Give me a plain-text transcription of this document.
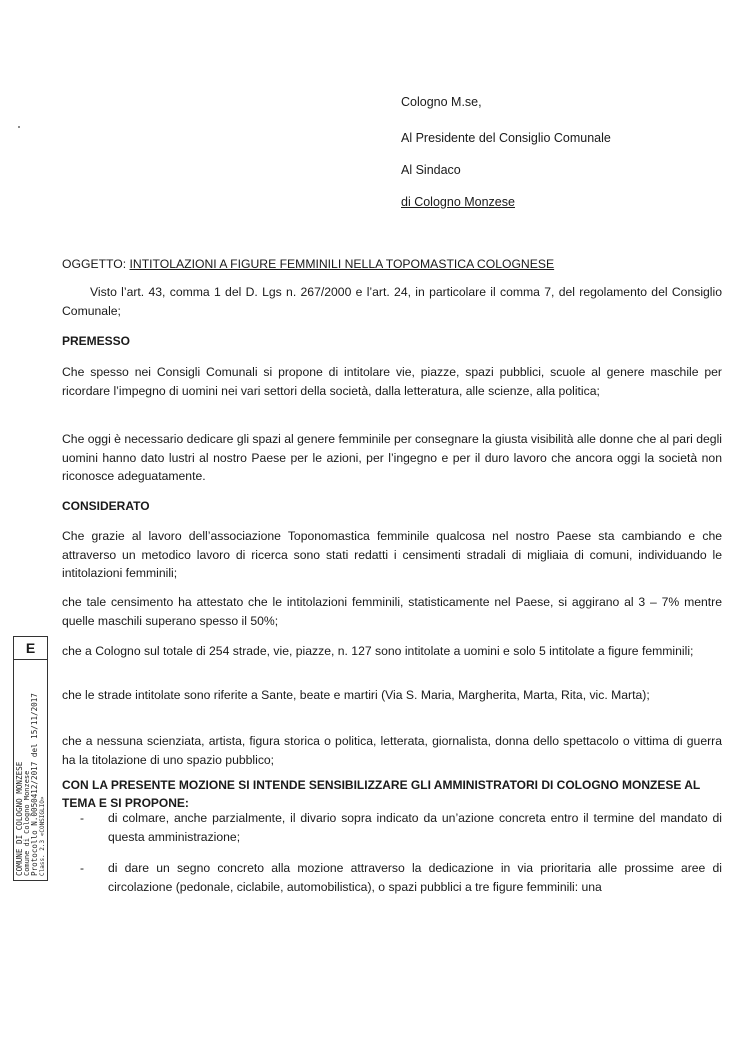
Cologno M.se,
Al Presidente del Consiglio Comunale
Al Sindaco
di Cologno Monzese
OGGETTO: INTITOLAZIONI A FIGURE FEMMINILI NELLA TOPOMASTICA COLOGNESE
Visto l’art. 43, comma 1 del D. Lgs n. 267/2000 e l’art. 24, in particolare il comma 7, del regolamento del Consiglio Comunale;
PREMESSO
Che spesso nei Consigli Comunali si propone di intitolare vie, piazze, spazi pubblici, scuole al genere maschile per ricordare l’impegno di uomini nei vari settori della società, dalla letteratura, alle scienze, alla politica;
Che oggi è necessario dedicare gli spazi al genere femminile per consegnare la giusta visibilità alle donne che al pari degli uomini hanno dato lustri al nostro Paese per le azioni, per l’ingegno e per il duro lavoro che ancora oggi la società non riconosce adeguatamente.
CONSIDERATO
Che grazie al lavoro dell’associazione Toponomastica femminile qualcosa nel nostro Paese sta cambiando e che attraverso un metodico lavoro di ricerca sono stati redatti i censimenti stradali di migliaia di comuni, individuando le intitolazioni femminili;
che tale censimento ha attestato che le intitolazioni femminili, statisticamente nel Paese, si aggirano al 3 – 7% mentre quelle maschili superano spesso il 50%;
che a Cologno sul totale di 254 strade, vie, piazze, n. 127 sono intitolate a uomini e solo 5 intitolate a figure femminili;
che le strade intitolate sono riferite a Sante, beate e martiri (Via S. Maria, Margherita, Marta, Rita, vic. Marta);
che a nessuna scienziata, artista, figura storica o politica, letterata, giornalista, donna dello spettacolo o vittima di guerra ha la titolazione di uno spazio pubblico;
CON LA PRESENTE MOZIONE SI INTENDE SENSIBILIZZARE GLI AMMINISTRATORI DI COLOGNO MONZESE AL TEMA E SI PROPONE:
- di colmare, anche parzialmente, il divario sopra indicato da un’azione concreta entro il termine del mandato di questa amministrazione;
- di dare un segno concreto alla mozione attraverso la dedicazione in via prioritaria alle prossime aree di circolazione (pedonale, ciclabile, automobilistica), o spazi pubblici a tre figure femminili: una
E
COMUNE DI COLOGNO MONZESE Comune di Cologno Monzese Protocollo N.0050412/2017 del 15/11/2017 Class. 2.3 «CONSIGLIO»
